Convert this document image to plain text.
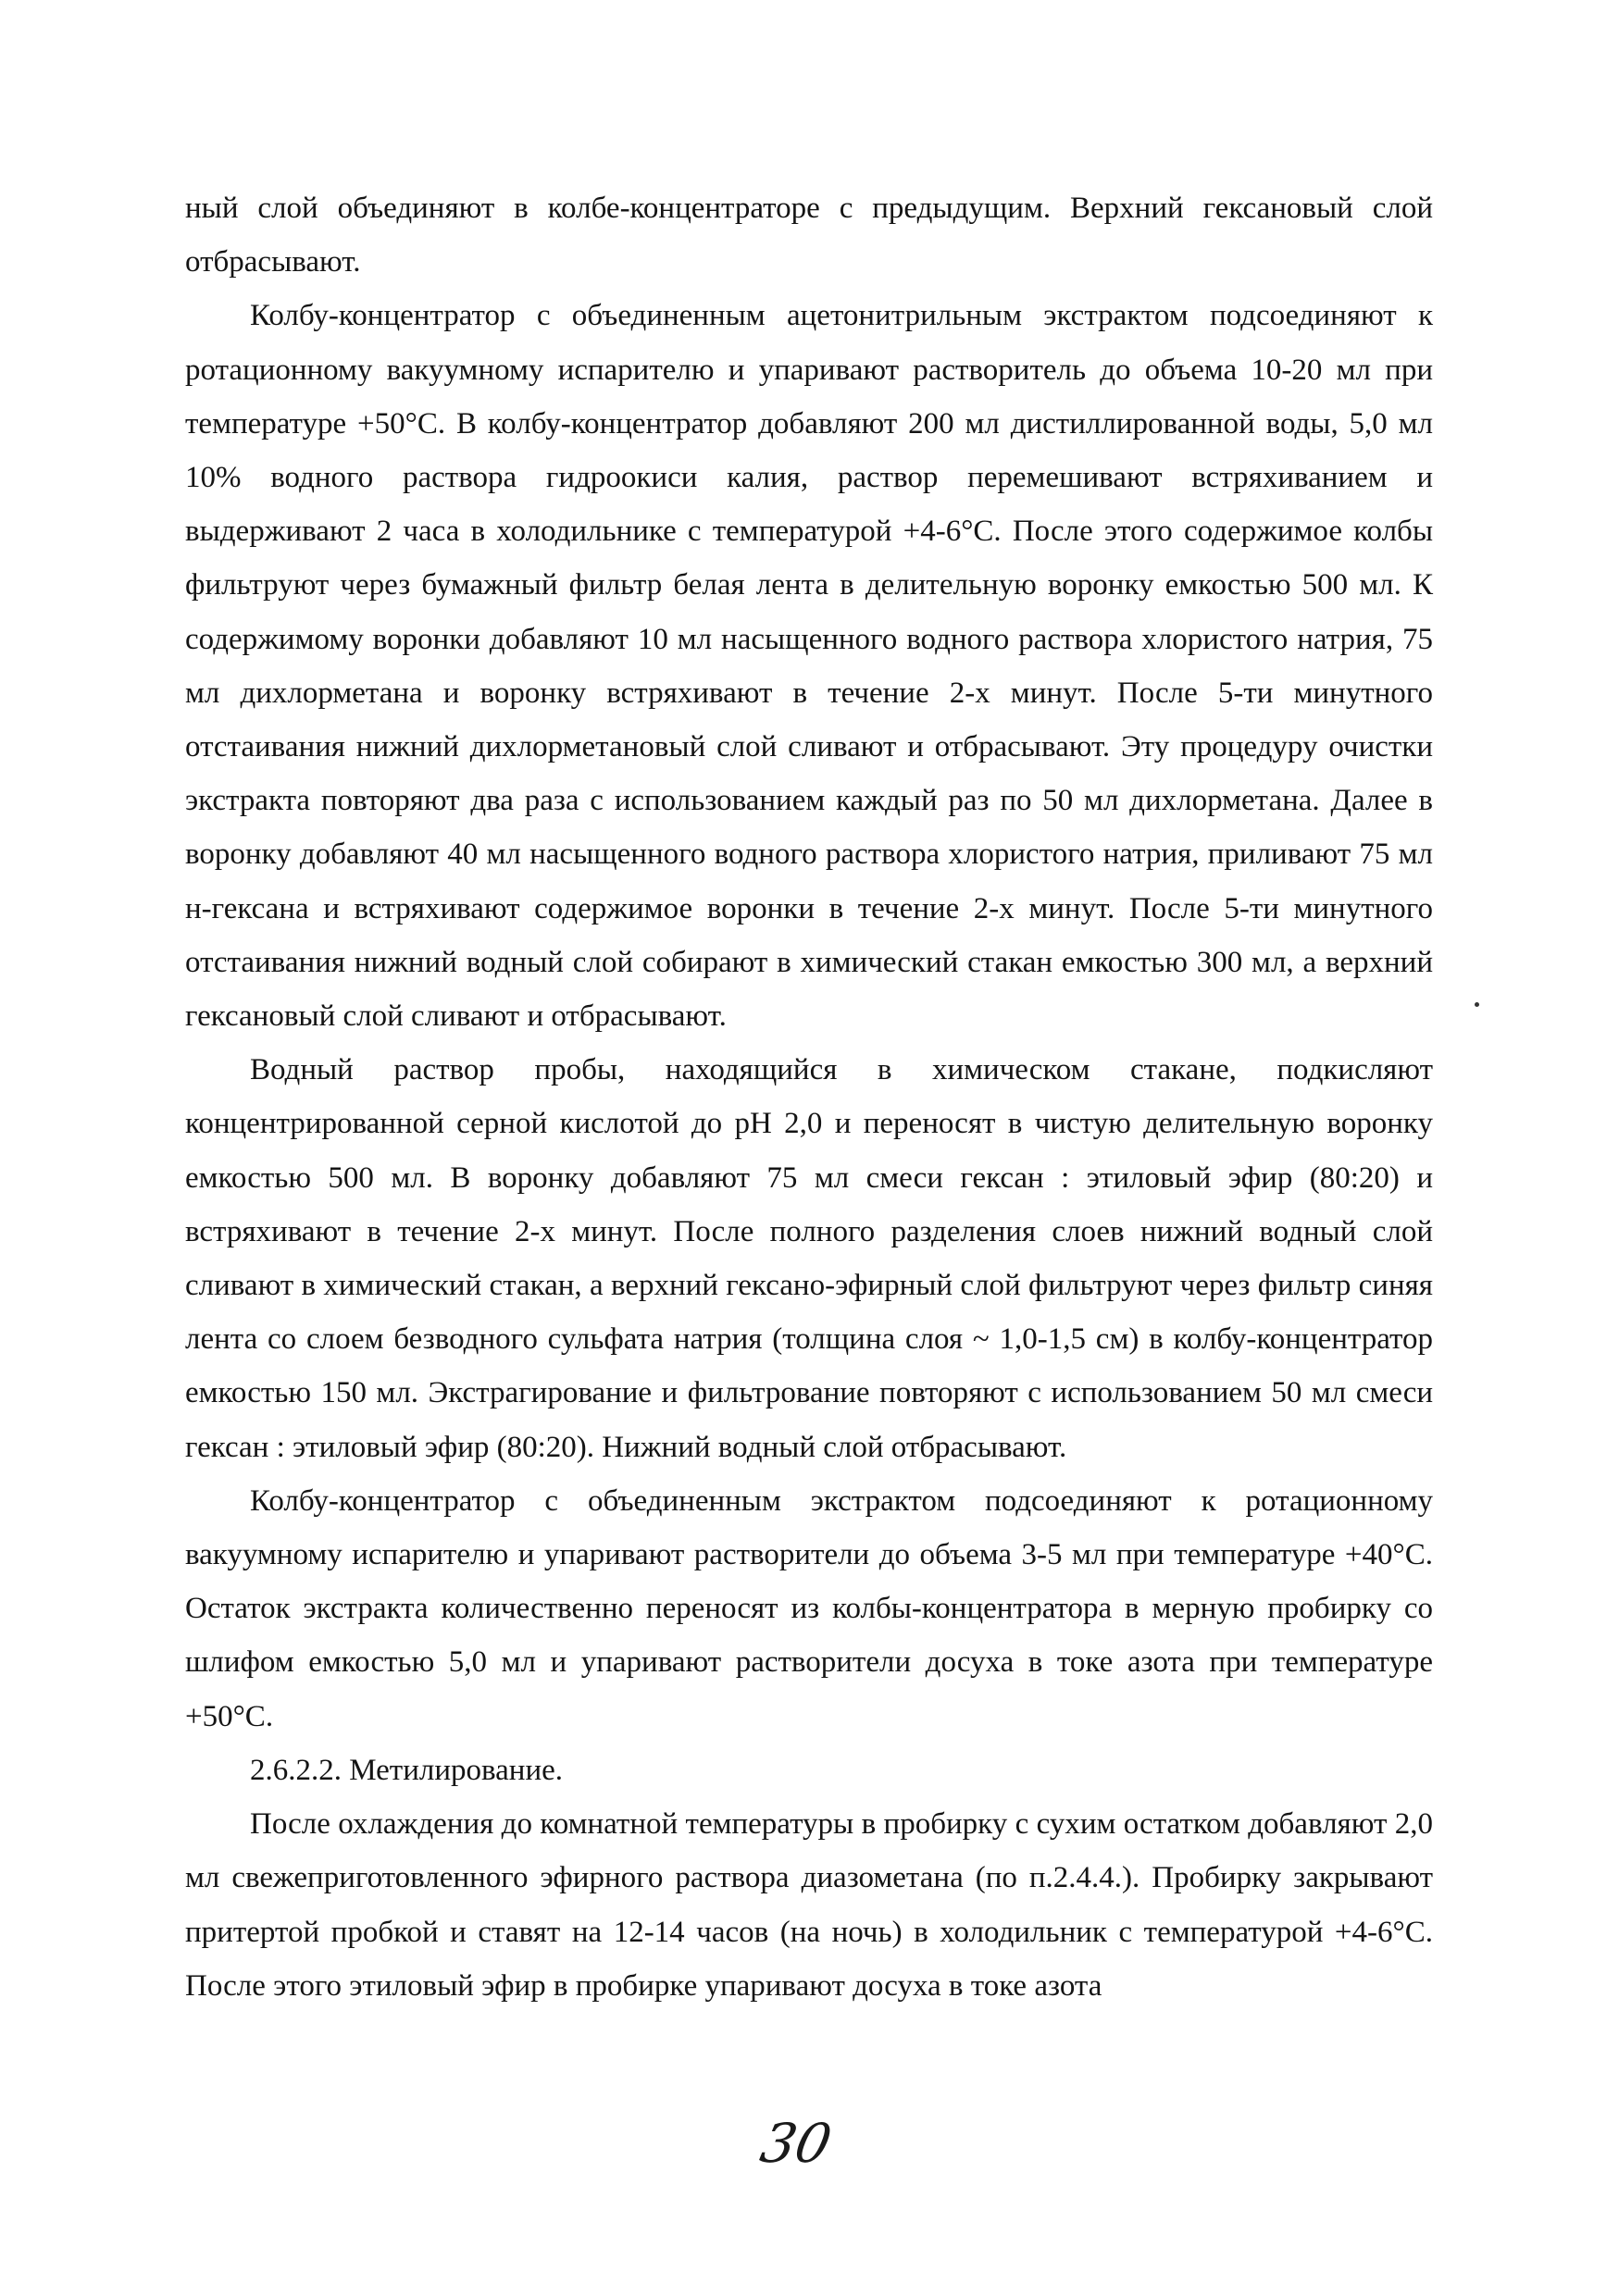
ный слой объединяют в колбе-концентраторе с предыдущим. Верхний гексановый слой отбрасывают.

Колбу-концентратор с объединенным ацетонитрильным экстрактом подсоединяют к ротационному вакуумному испарителю и упаривают растворитель до объема 10-20 мл при температуре +50°С. В колбу-концентратор добавляют 200 мл дистиллированной воды, 5,0 мл 10% водного раствора гидроокиси калия, раствор перемешивают встряхиванием и выдерживают 2 часа в холодильнике с температурой +4-6°С. После этого содержимое колбы фильтруют через бумажный фильтр белая лента в делительную воронку емкостью 500 мл. К содержимому воронки добавляют 10 мл насыщенного водного раствора хлористого натрия, 75 мл дихлорметана и воронку встряхивают в течение 2-х минут. После 5-ти минутного отстаивания нижний дихлорметановый слой сливают и отбрасывают. Эту процедуру очистки экстракта повторяют два раза с использованием каждый раз по 50 мл дихлорметана. Далее в воронку добавляют 40 мл насыщенного водного раствора хлористого натрия, приливают 75 мл н-гексана и встряхивают содержимое воронки в течение 2-х минут. После 5-ти минутного отстаивания нижний водный слой собирают в химический стакан емкостью 300 мл, а верхний гексановый слой сливают и отбрасывают.

Водный раствор пробы, находящийся в химическом стакане, подкисляют концентрированной серной кислотой до рН 2,0 и переносят в чистую делительную воронку емкостью 500 мл. В воронку добавляют 75 мл смеси гексан : этиловый эфир (80:20) и встряхивают в течение 2-х минут. После полного разделения слоев нижний водный слой сливают в химический стакан, а верхний гексано-эфирный слой фильтруют через фильтр синяя лента со слоем безводного сульфата натрия (толщина слоя ~ 1,0-1,5 см) в колбу-концентратор емкостью 150 мл. Экстрагирование и фильтрование повторяют с использованием 50 мл смеси гексан : этиловый эфир (80:20). Нижний водный слой отбрасывают.

Колбу-концентратор с объединенным экстрактом подсоединяют к ротационному вакуумному испарителю и упаривают растворители до объема 3-5 мл при температуре +40°С. Остаток экстракта количественно переносят из колбы-концентратора в мерную пробирку со шлифом емкостью 5,0 мл и упаривают растворители досуха в токе азота при температуре +50°С.

2.6.2.2. Метилирование.

После охлаждения до комнатной температуры в пробирку с сухим остатком добавляют 2,0 мл свежеприготовленного эфирного раствора диазометана (по п.2.4.4.). Пробирку закрывают притертой пробкой и ставят на 12-14 часов (на ночь) в холодильник с температурой +4-6°С. После этого этиловый эфир в пробирке упаривают досуха в токе азота

30
